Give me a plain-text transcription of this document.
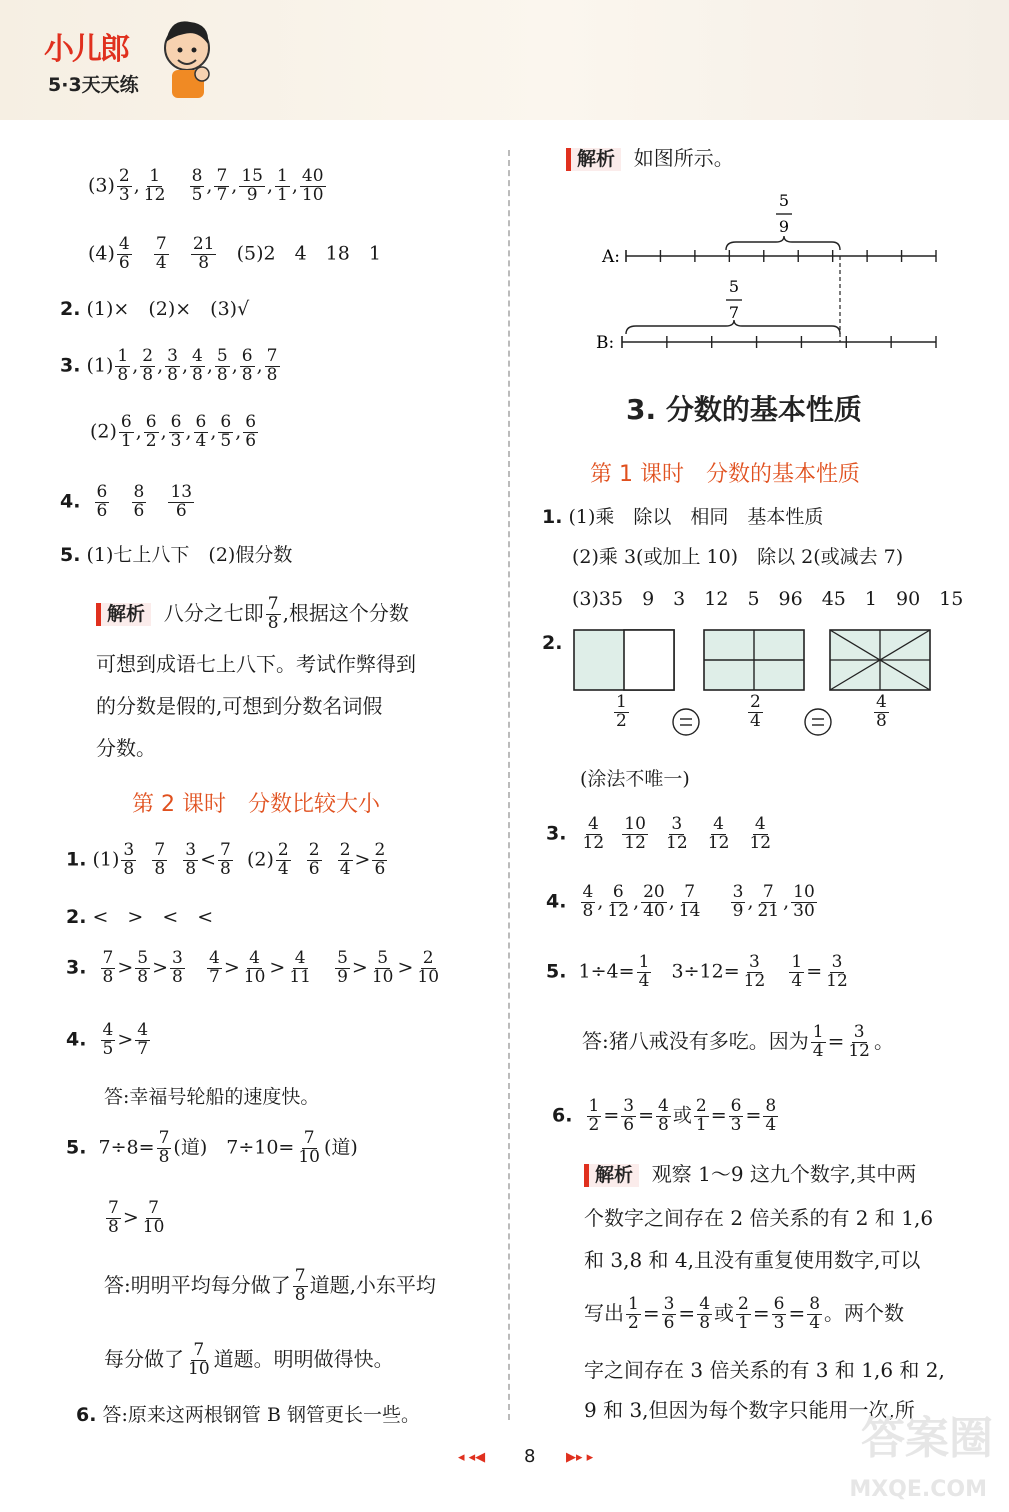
小儿郎
5·3天天练
$(3) \frac{2}{3}$ , $\frac{1}{12}$
$\frac{8}{5}$ , $\frac{7}{7}$ , $\frac{15}{9}$ , $\frac{1}{1}$ , $\frac{40}{10}$
$(4) \frac{4}{6}$
$\frac{7}{4}$
$\frac{21}{8} (5)2$　4　18　1
2. (1)×　(2)×　(3)√
3. $(1) \frac{1}{8}$ , $\frac{2}{8}$ , $\frac{3}{8}$ , $\frac{4}{8}$ , $\frac{5}{8}$ , $\frac{6}{8}$ , $\frac{7}{8}$
$(2) \frac{6}{1}$ , $\frac{6}{2}$ , $\frac{6}{3}$ , $\frac{6}{4}$ , $\frac{6}{5}$ , $\frac{6}{6}$
4. $\frac{6}{6}$
$\frac{8}{6}$
$\frac{13}{6}$
5. (1)七上八下　(2)假分数
解析 八分之七即 $\frac{7}{8}$ ,根据这个分数
可想到成语七上八下。考试作弊得到
的分数是假的,可想到分数名词假
分数。
第 2 课时　分数比较大小
1. $(1) \frac{3}{8}$
$\frac{7}{8}$
$\frac{3}{8} < \frac{7}{8} (2) \frac{2}{4}$
$\frac{2}{6}$
$\frac{2}{4} > \frac{2}{6}$
2. <　>　<　<
3. $\frac{7}{8} > \frac{5}{8} > \frac{3}{8}$
$\frac{4}{7} > \frac{4}{10} > \frac{4}{11}$
$\frac{5}{9} > \frac{5}{10} > \frac{2}{10}$
4. $\frac{4}{5} > \frac{4}{7}$
答:幸福号轮船的速度快。
5. $7\div 8= \frac{7}{8}$ (道)　$7\div 10= \frac{7}{10}$ (道)
$\frac{7}{8} > \frac{7}{10}$
答:明明平均每分做了 $\frac{7}{8}$ 道题,小东平均
每分做了 $\frac{7}{10}$ 道题。明明做得快。
6. 答:原来这两根钢管 B 钢管更长一些。
解析 如图所示。
5
9
A:
5
7
B:
3. 分数的基本性质
第 1 课时　分数的基本性质
1. (1)乘　除以　相同　基本性质
(2)乘 3(或加上 10)　除以 2(或减去 7)
(3)35　9　3　12　5　96　45　1　90　15
2.
$\frac{1}{2}$	$\frac{2}{4}$	$\frac{4}{8}$
(涂法不唯一)
3. $\frac{4}{12}$
$\frac{10}{12}$
$\frac{3}{12}$
$\frac{4}{12}$
$\frac{4}{12}$
4. $\frac{4}{8}$ , $\frac{6}{12}$ , $\frac{20}{40}$ , $\frac{7}{14}$
$\frac{3}{9}$ , $\frac{7}{21}$ , $\frac{10}{30}$
5. $1\div 4= \frac{1}{4} 3\div 12= \frac{3}{12}$
$\frac{1}{4} = \frac{3}{12}$
答:猪八戒没有多吃。因为 $\frac{1}{4} = \frac{3}{12}$ 。
6. $\frac{1}{2} = \frac{3}{6} = \frac{4}{8}$ 或 $\frac{2}{1} = \frac{6}{3} = \frac{8}{4}$
解析 观察 1～9 这九个数字,其中两
个数字之间存在 2 倍关系的有 2 和 1,6
和 3,8 和 4,且没有重复使用数字,可以
写出 $\frac{1}{2} = \frac{3}{6} = \frac{4}{8}$ 或 $\frac{2}{1} = \frac{6}{3} = \frac{8}{4}$ 。两个数
字之间存在 3 倍关系的有 3 和 1,6 和 2,
9 和 3,但因为每个数字只能用一次,所
◂ ◂◀ 8 ▶▸ ▸	答案圈
MXQE.COM
